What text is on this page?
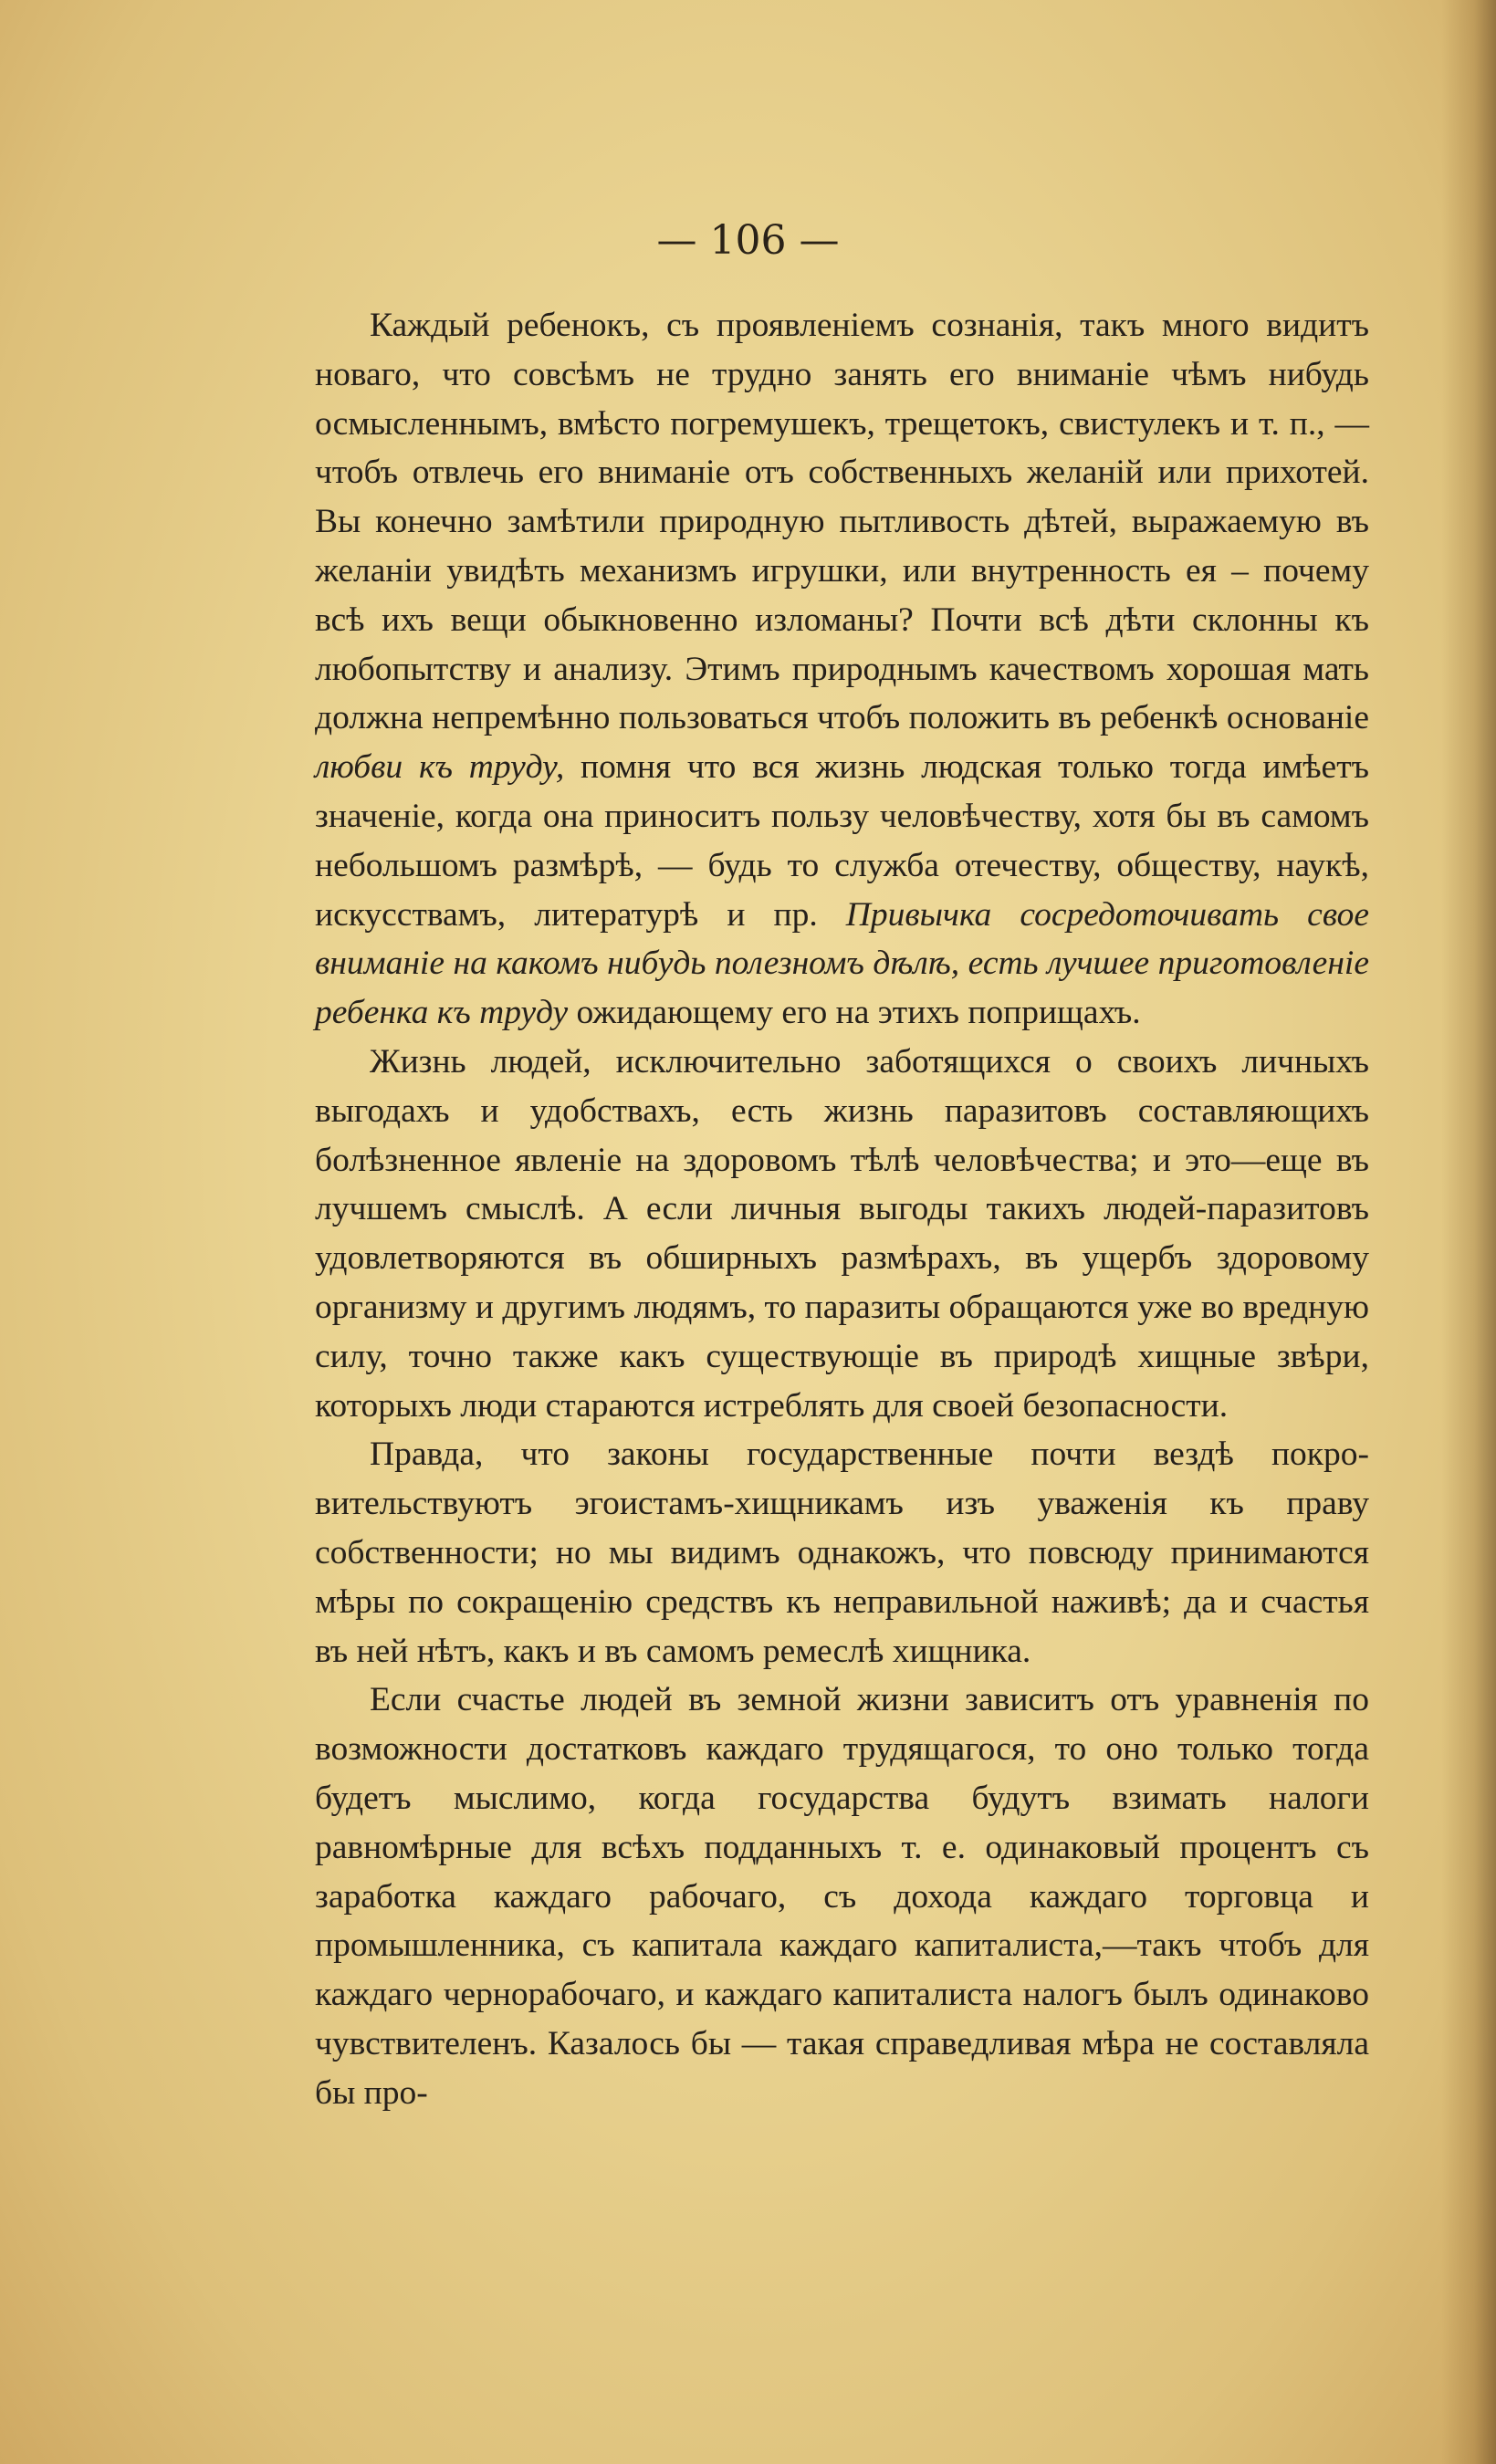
— 106 —

Каждый ребенокъ, съ проявленіемъ сознанія, такъ много видитъ новаго, что совсѣмъ не трудно занять его вниманіе чѣмъ нибудь осмысленнымъ, вмѣсто погремушекъ, трещетокъ, свистулекъ и т. п., — чтобъ отвлечь его вниманіе отъ собственныхъ желаній или прихотей. Вы конечно замѣтили природную пытливость дѣтей, выражаемую въ желаніи увидѣть механизмъ игрушки, или внутренность ея – почему всѣ ихъ вещи обыкновенно изломаны? Почти всѣ дѣти склонны къ любопытству и анализу. Этимъ природнымъ качествомъ хорошая мать должна непремѣнно пользоваться чтобъ положить въ ребенкѣ основаніе любви къ труду, помня что вся жизнь людская только тогда имѣетъ значеніе, когда она приноситъ пользу человѣчеству, хотя бы въ самомъ небольшомъ размѣрѣ, — будь то служба отечеству, обществу, наукѣ, искусствамъ, литературѣ и пр. Привычка сосредоточивать свое вниманіе на какомъ нибудь полезномъ дѣлѣ, есть лучшее приготовленіе ребенка къ труду ожидающему его на этихъ поприщахъ.

Жизнь людей, исключительно заботящихся о своихъ личныхъ выгодахъ и удобствахъ, есть жизнь паразитовъ составляющихъ болѣзненное явленіе на здоровомъ тѣлѣ человѣчества; и это—еще въ лучшемъ смыслѣ. А если личныя выгоды такихъ людей-паразитовъ удовлетворяются въ обширныхъ размѣрахъ, въ ущербъ здоровому организму и другимъ людямъ, то паразиты обращаются уже во вредную силу, точно также какъ существующіе въ природѣ хищные звѣри, которыхъ люди стараются истреблять для своей безопасности.

Правда, что законы государственные почти вездѣ покровительствуютъ эгоистамъ-хищникамъ изъ уваженія къ праву собственности; но мы видимъ однакожъ, что повсюду принимаются мѣры по сокращенію средствъ къ неправильной наживѣ; да и счастья въ ней нѣтъ, какъ и въ самомъ ремеслѣ хищника.

Если счастье людей въ земной жизни зависитъ отъ уравненія по возможности достатковъ каждаго трудящагося, то оно только тогда будетъ мыслимо, когда государства будутъ взимать налоги равномѣрные для всѣхъ подданныхъ т. е. одинаковый процентъ съ заработка каждаго рабочаго, съ дохода каждаго торговца и промышленника, съ капитала каждаго капиталиста,—такъ чтобъ для каждаго чернорабочаго, и каждаго капиталиста налогъ былъ одинаково чувствителенъ. Казалось бы — такая справедливая мѣра не составляла бы про-
